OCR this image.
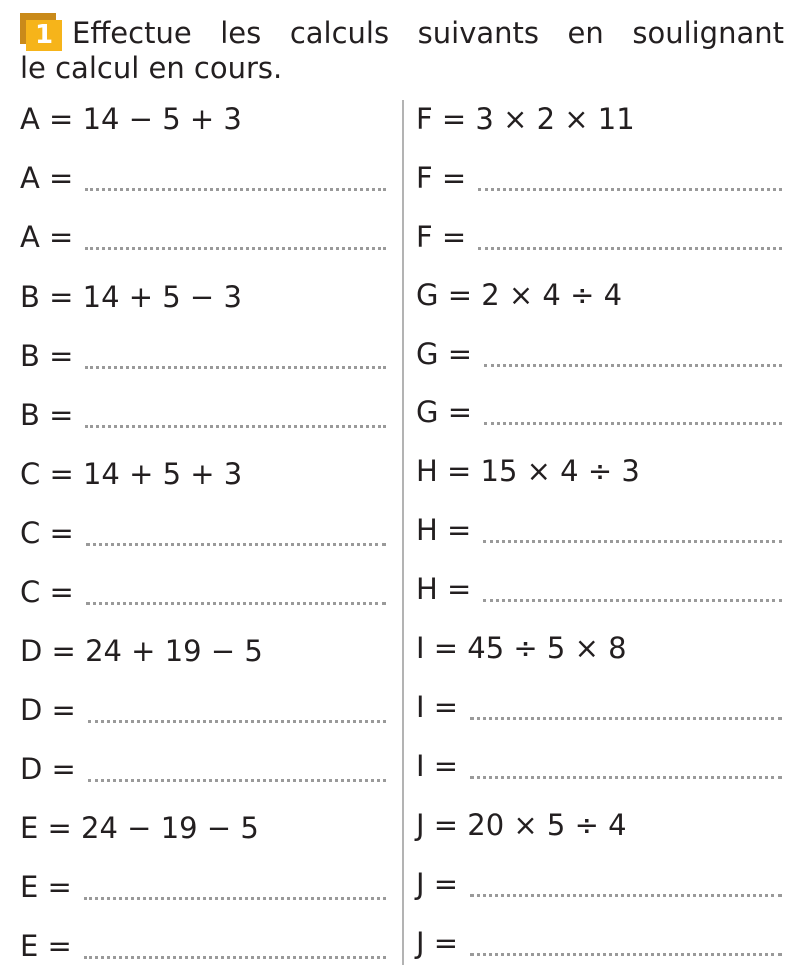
1 Effectue les calculs suivants en soulignant
le calcul en cours.
A = 14 − 5 + 3
A =
A =
B = 14 + 5 − 3
B =
B =
C = 14 + 5 + 3
C =
C =
D = 24 + 19 − 5
D =
D =
E = 24 − 19 − 5
E =
E =
F = 3 × 2 × 11
F =
F =
G = 2 × 4 ÷ 4
G =
G =
H = 15 × 4 ÷ 3
H =
H =
I = 45 ÷ 5 × 8
I =
I =
J = 20 × 5 ÷ 4
J =
J =
